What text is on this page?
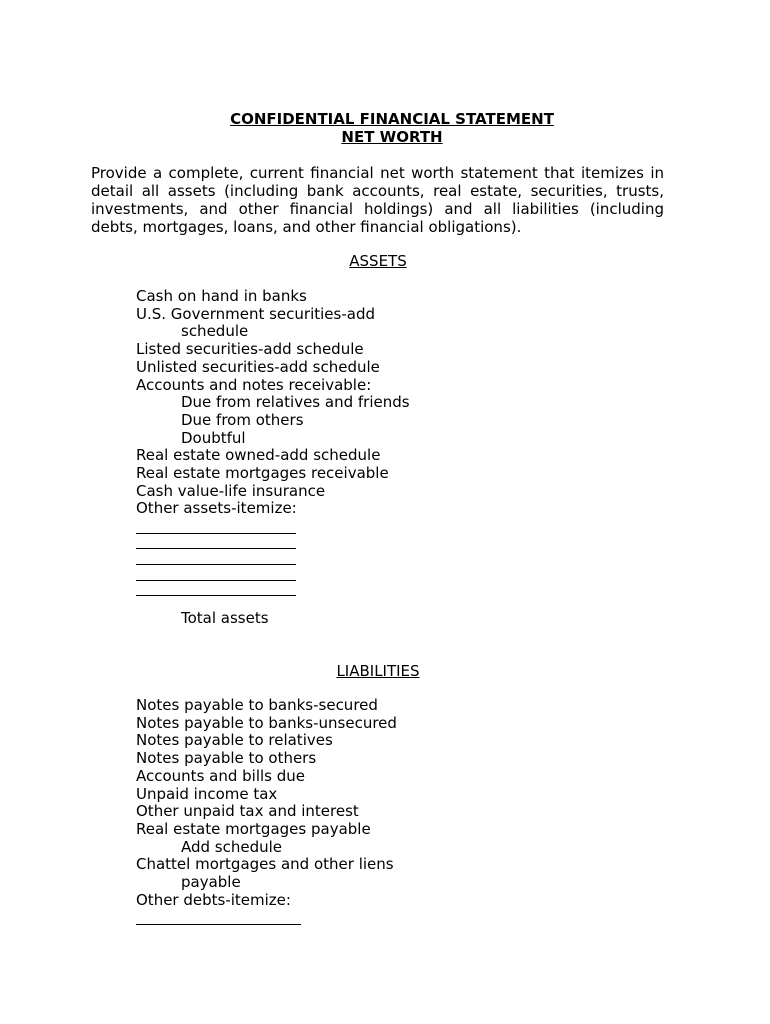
CONFIDENTIAL FINANCIAL STATEMENT
NET WORTH
Provide a complete, current financial net worth statement that itemizes in detail all assets (including bank accounts, real estate, securities, trusts, investments, and other financial holdings) and all liabilities (including debts, mortgages, loans, and other financial obligations).
ASSETS
Cash on hand in banks
U.S. Government securities-add
schedule
Listed securities-add schedule
Unlisted securities-add schedule
Accounts and notes receivable:
Due from relatives and friends
Due from others
Doubtful
Real estate owned-add schedule
Real estate mortgages receivable
Cash value-life insurance
Other assets-itemize:
Total assets
LIABILITIES
Notes payable to banks-secured
Notes payable to banks-unsecured
Notes payable to relatives
Notes payable to others
Accounts and bills due
Unpaid income tax
Other unpaid tax and interest
Real estate mortgages payable
Add schedule
Chattel mortgages and other liens
payable
Other debts-itemize:
